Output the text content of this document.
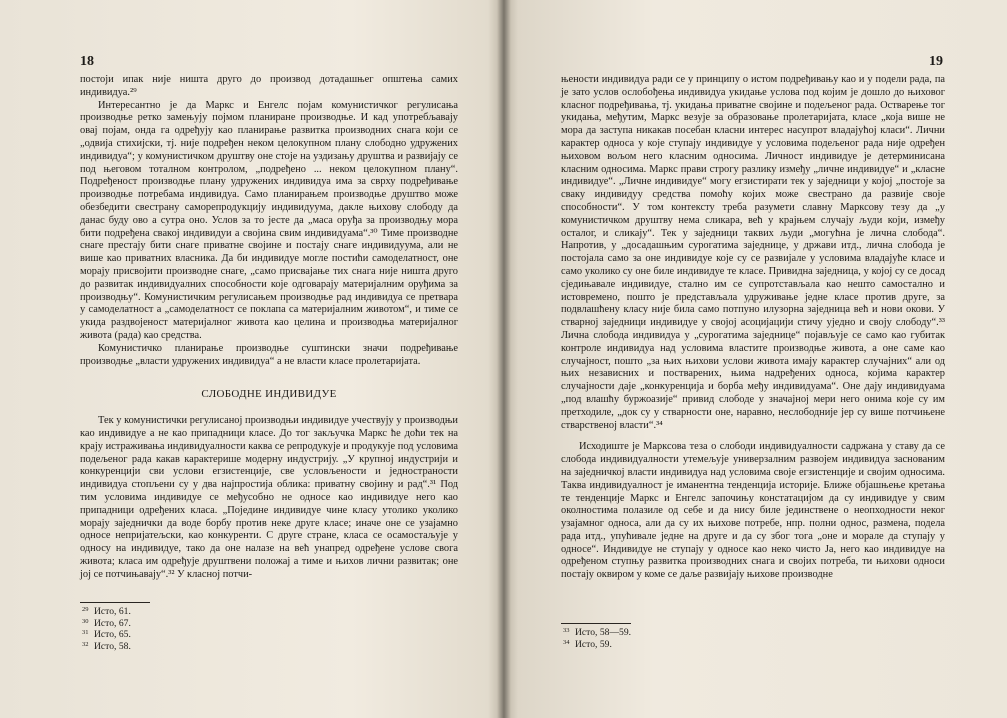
18

постоји ипак није ништа друго до производ дотадашњег општења самих индивидуа.²⁹

Интересантно је да Маркс и Енгелс појам комунистичког регулисања производње ретко замењују појмом планиране производње. И кад употребљавају овај појам, онда га одређују као планирање развитка производних снага који се „одвија стихијски, тј. није подређен неком целокупном плану слободно удружених индивидуа“; у комунистичком друштву оне стоје на уздизању друштва и развијају се под његовом тоталном контролом, „подређено ... неком целокупном плану“. Подређеност производње плану удружених индивидуа има за сврху подређивање производње потребама индивидуа. Само планирањем производње друштво може обезбедити свестрану саморепродукцију индивидуума, дакле њихову слободу да данас буду ово а сутра оно. Услов за то јесте да „маса оруђа за производњу мора бити подређена свакој индивидуи а својина свим индивидуама“.³⁰ Тиме производне снаге престају бити снаге приватне својине и постају снаге индивидуума, али не више као приватних власника. Да би индивидуе могле постићи самоделатност, оне морају присвојити производне снаге, „само присвајање тих снага није ништа друго до развитак индивидуалних способности које одговарају материјалним оруђима за производњу“. Комунистичким регулисањем производње рад индивидуа се претвара у самоделатност а „самоделатност се поклапа са материјалним животом“, и тиме се укида раздвојеност материјалног живота као целина и производња материјалног живота (рада) као средства.

Комунистичко планирање производње суштински значи подређивање производње „власти удружених индивидуа“ а не власти класе пролетаријата.

СЛОБОДНЕ ИНДИВИДУЕ

Тек у комунистички регулисаној производњи индивидуе учествују у производњи као индивидуе а не као припадници класе. До тог закључка Маркс ће доћи тек на крају истраживања индивидуалности каква се репродукује и продукује под условима подељеног рада какав карактерише модерну индустрију. „У крупној индустрији и конкуренцији сви услови егзистенције, све условљености и једностраности индивидуа стопљени су у два најпростија облика: приватну својину и рад“.³¹ Под тим условима индивидуе се међусобно не односе као индивидуе него као припадници одређених класа. „Поједине индивидуе чине класу утолико уколико морају заједнички да воде борбу против неке друге класе; иначе оне се узајамно односе непријатељски, као конкуренти. С друге стране, класа се осамостаљује у односу на индивидуе, тако да оне налазе на већ унапред одређене услове свога живота; класа им одређује друштвени положај а тиме и њихов лични развитак; оне јој се потчињавају“.³² У класној потчи-

29 Исто, 61.
30 Исто, 67.
31 Исто, 65.
32 Исто, 58.
19

њености индивидуа ради се у принципу о истом подређивању као и у подели рада, па је зато услов ослобођења индивидуа укидање услова под којим је дошло до њиховог класног подређивања, тј. укидања приватне својине и подељеног рада. Остварење тог укидања, међутим, Маркс везује за образовање пролетаријата, класе „која више не мора да заступа никакав посебан класни интерес насупрот владајућој класи“. Лични карактер односа у које ступају индивидуе у условима подељеног рада није одређен њиховом вољом него класним односима. Личност индивидуе је детерминисана класним односима. Маркс прави строгу разлику између „личне индивидуе“ и „класне индивидуе“. „Личне индивидуе“ могу егзистирати тек у заједници у којој „постоје за сваку индивидуу средства помоћу којих може свестрано да развије своје способности“. У том контексту треба разумети славну Марксову тезу да „у комунистичком друштву нема сликара, већ у крајњем случају људи који, између осталог, и сликају“. Тек у заједници таквих људи „могућна је лична слобода“. Напротив, у „досадашњим сурогатима заједнице, у држави итд., лична слобода је постојала само за оне индивидуе које су се развијале у условима владајуће класе и само уколико су оне биле индивидуе те класе. Привидна заједница, у којој су се досад сједињавале индивидуе, стално им се супротстављала као нешто самостално и истовремено, пошто је представљала удруживање једне класе против друге, за подвлашћену класу није била само потпуно илузорна заједница већ и нови окови. У стварној заједници индивидуе у својој асоцијацији стичу уједно и своју слободу“.³³ Лична слобода индивидуа у „сурогатима заједнице“ појављује се само као губитак контроле индивидуа над условима властите производње живота, а оне саме као случајност, пошто „за њих њихови услови живота имају карактер случајних“ али од њих независних и постварених, њима надређених односа, којима карактер случајности даје „конкуренција и борба међу индивидуама“. Оне дају индивидуама „под влашћу буржоазије“ привид слободе у значајној мери него онима које су им претходиле, „док су у стварности оне, наравно, неслободније јер су више потчињене стварственој власти“.³⁴

Исходиште је Марксова теза о слободи индивидуалности садржана у ставу да се слобода индивидуалности утемељује универзалним развојем индивидуа заснованим на заједничкој власти индивидуа над условима своје егзистенције и својим односима. Таква индивидуалност је иманентна тенденција историје. Ближе објашњење кретања те тенденције Маркс и Енгелс започињу констатацијом да су индивидуе у свим околностима полазиле од себе и да нису биле јединствене о неопходности неког узајамног односа, али да су их њихове потребе, нпр. полни однос, размена, подела рада итд., упућивале једне на друге и да су због тога „оне и морале да ступају у односе“. Индивидуе не ступају у односе као неко чисто Ја, него као индивидуе на одређеном ступњу развитка производних снага и својих потреба, ти њихови односи постају оквиром у коме се даље развијају њихове производне

33 Исто, 58—59.
34 Исто, 59.
